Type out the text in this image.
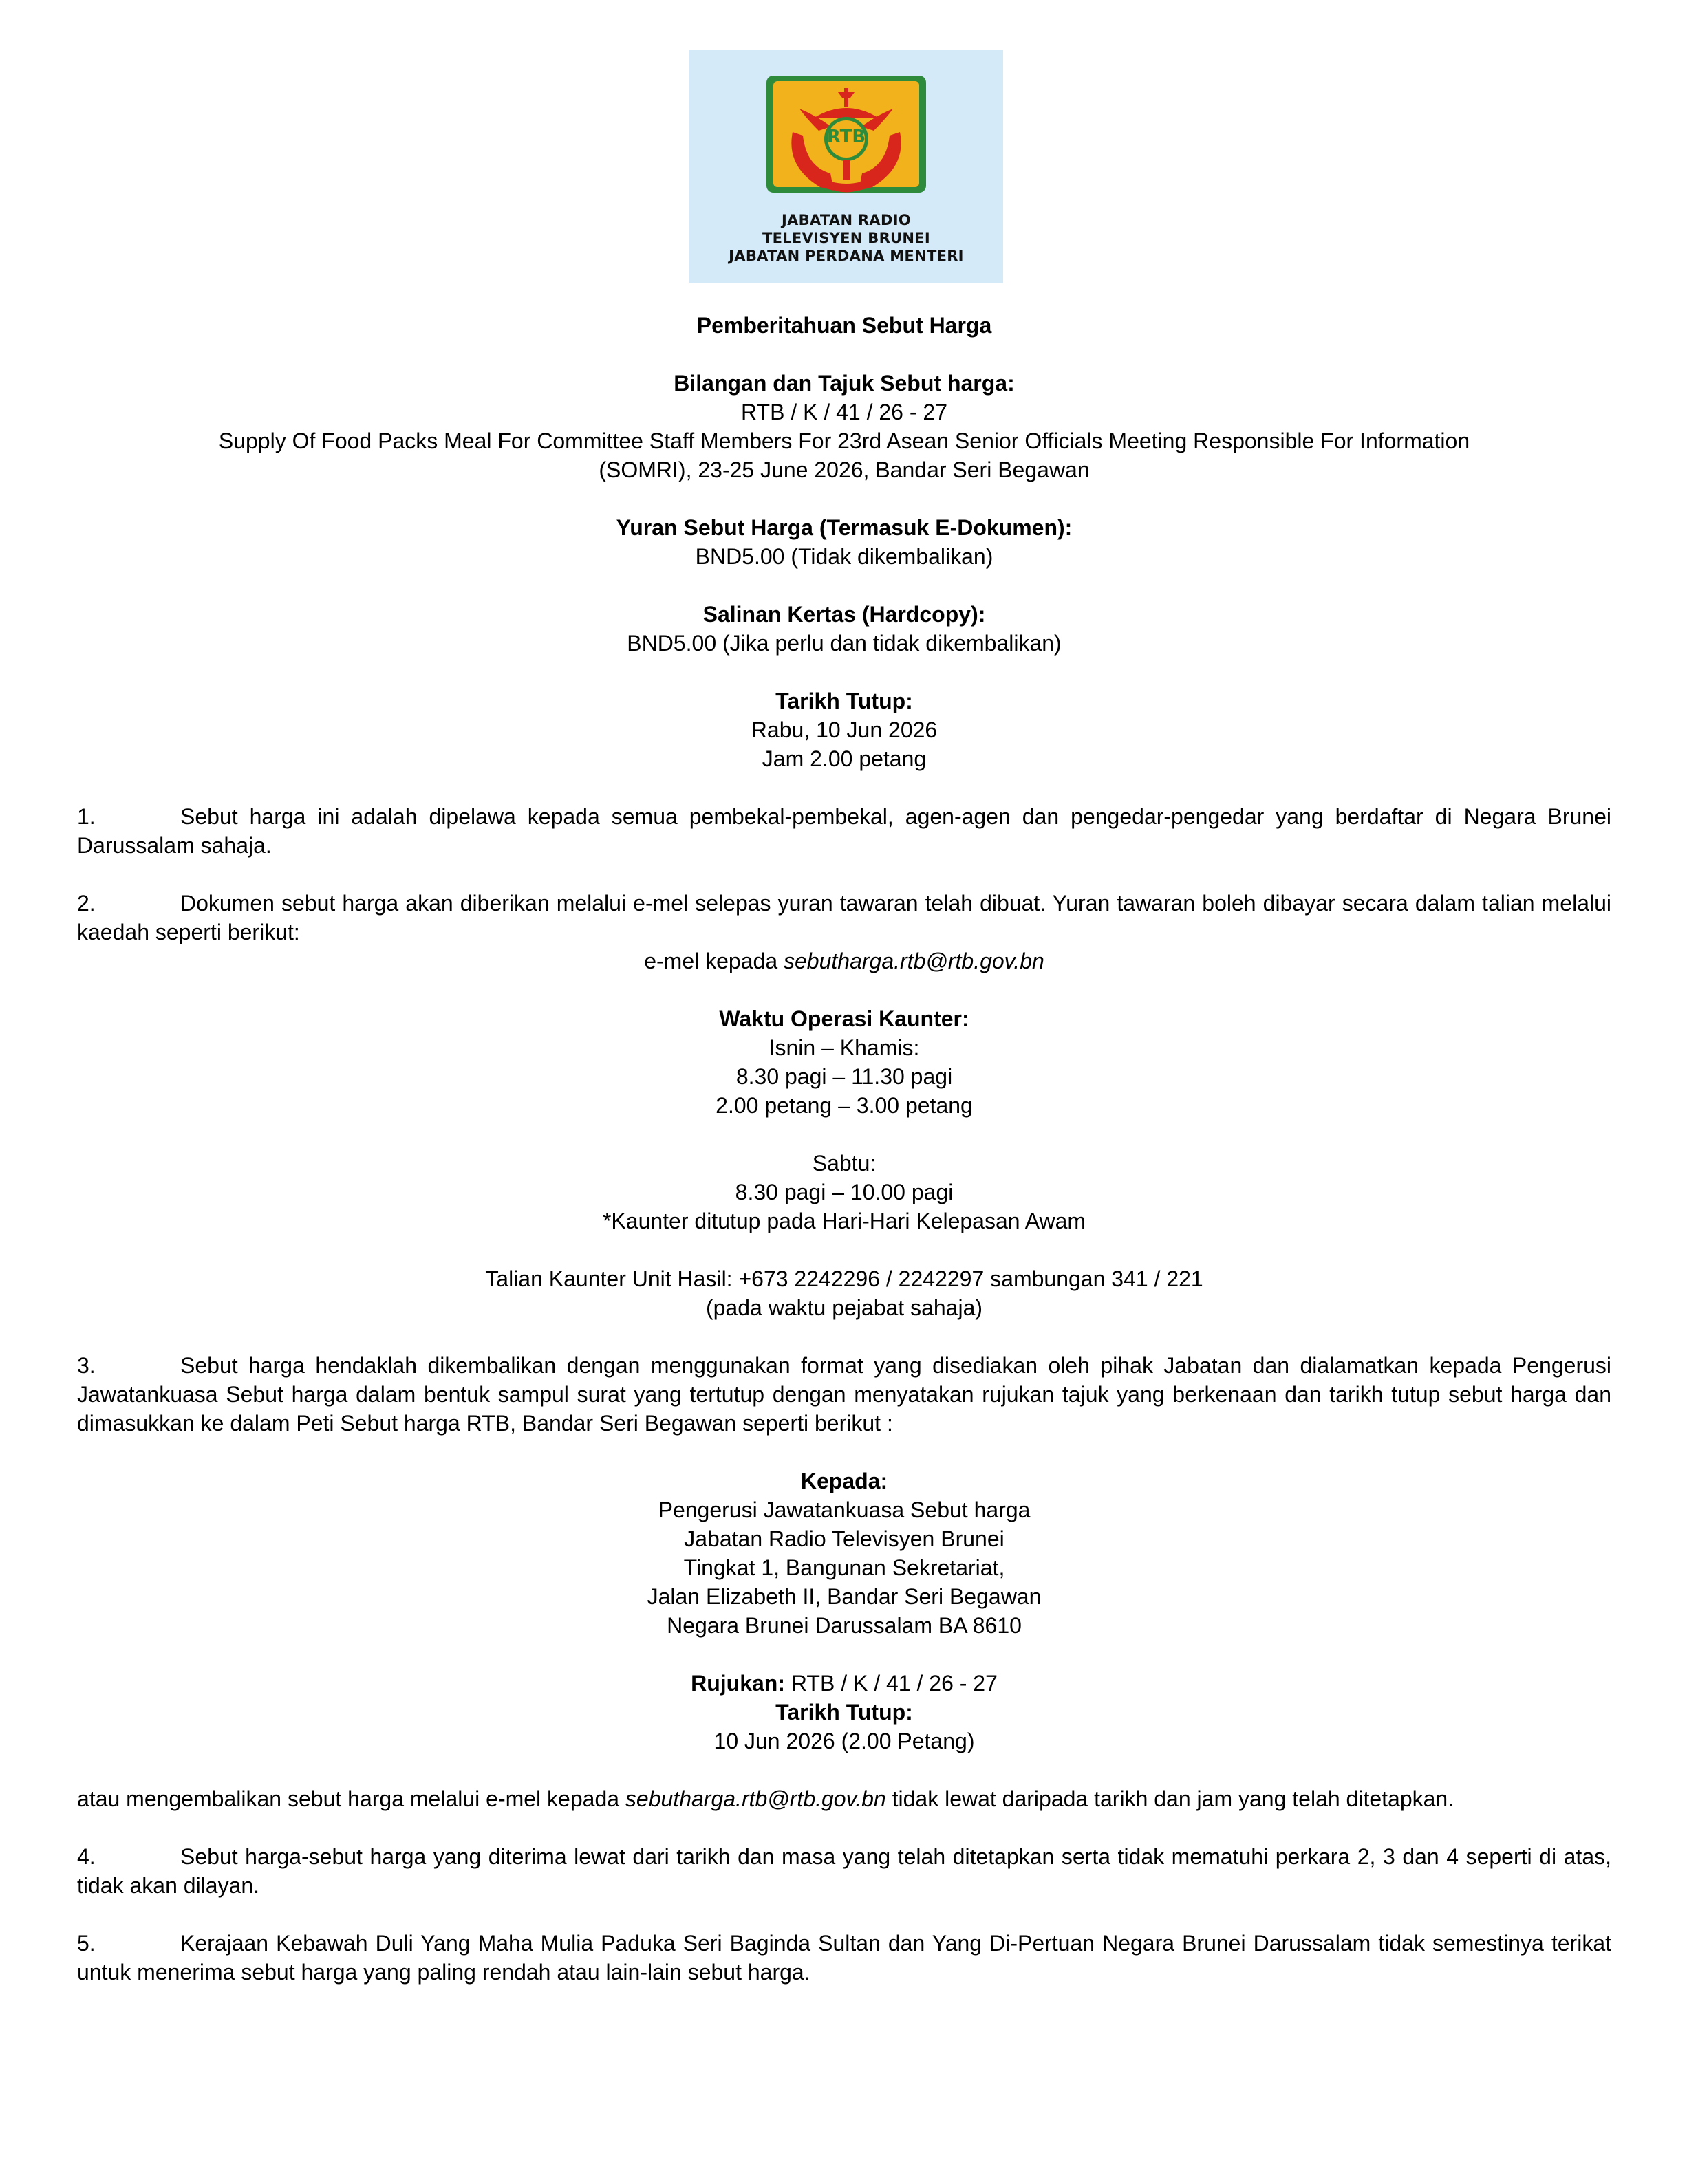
RTB
JABATAN RADIO
TELEVISYEN BRUNEI
JABATAN PERDANA MENTERI

Pemberitahuan Sebut Harga

Bilangan dan Tajuk Sebut harga:

RTB / K / 41 / 26 - 27

Supply Of Food Packs Meal For Committee Staff Members For 23rd Asean Senior Officials Meeting Responsible For Information

(SOMRI), 23-25 June 2026, Bandar Seri Begawan

Yuran Sebut Harga (Termasuk E-Dokumen):

BND5.00 (Tidak dikembalikan)

Salinan Kertas (Hardcopy):

BND5.00 (Jika perlu dan tidak dikembalikan)

Tarikh Tutup:

Rabu, 10 Jun 2026

Jam 2.00 petang

1.	Sebut harga ini adalah dipelawa kepada semua pembekal-pembekal, agen-agen dan pengedar-pengedar yang berdaftar di Negara Brunei Darussalam sahaja.

2.	Dokumen sebut harga akan diberikan melalui e-mel selepas yuran tawaran telah dibuat. Yuran tawaran boleh dibayar secara dalam talian melalui kaedah seperti berikut:

e-mel kepada sebutharga.rtb@rtb.gov.bn

Waktu Operasi Kaunter:

Isnin – Khamis:

8.30 pagi – 11.30 pagi

2.00 petang – 3.00 petang

Sabtu:

8.30 pagi – 10.00 pagi

*Kaunter ditutup pada Hari-Hari Kelepasan Awam

Talian Kaunter Unit Hasil: +673 2242296 / 2242297 sambungan 341 / 221

(pada waktu pejabat sahaja)

3.	Sebut harga hendaklah dikembalikan dengan menggunakan format yang disediakan oleh pihak Jabatan dan dialamatkan kepada Pengerusi Jawatankuasa Sebut harga dalam bentuk sampul surat yang tertutup dengan menyatakan rujukan tajuk yang berkenaan dan tarikh tutup sebut harga dan dimasukkan ke dalam Peti Sebut harga RTB, Bandar Seri Begawan seperti berikut :

Kepada:

Pengerusi Jawatankuasa Sebut harga

Jabatan Radio Televisyen Brunei

Tingkat 1, Bangunan Sekretariat,

Jalan Elizabeth II, Bandar Seri Begawan

Negara Brunei Darussalam BA 8610

Rujukan: RTB / K / 41 / 26 - 27

Tarikh Tutup:

10 Jun 2026 (2.00 Petang)

atau mengembalikan sebut harga melalui e-mel kepada sebutharga.rtb@rtb.gov.bn tidak lewat daripada tarikh dan jam yang telah ditetapkan.

4.	Sebut harga-sebut harga yang diterima lewat dari tarikh dan masa yang telah ditetapkan serta tidak mematuhi perkara 2, 3 dan 4 seperti di atas, tidak akan dilayan.

5.	Kerajaan Kebawah Duli Yang Maha Mulia Paduka Seri Baginda Sultan dan Yang Di-Pertuan Negara Brunei Darussalam tidak semestinya terikat untuk menerima sebut harga yang paling rendah atau lain-lain sebut harga.
